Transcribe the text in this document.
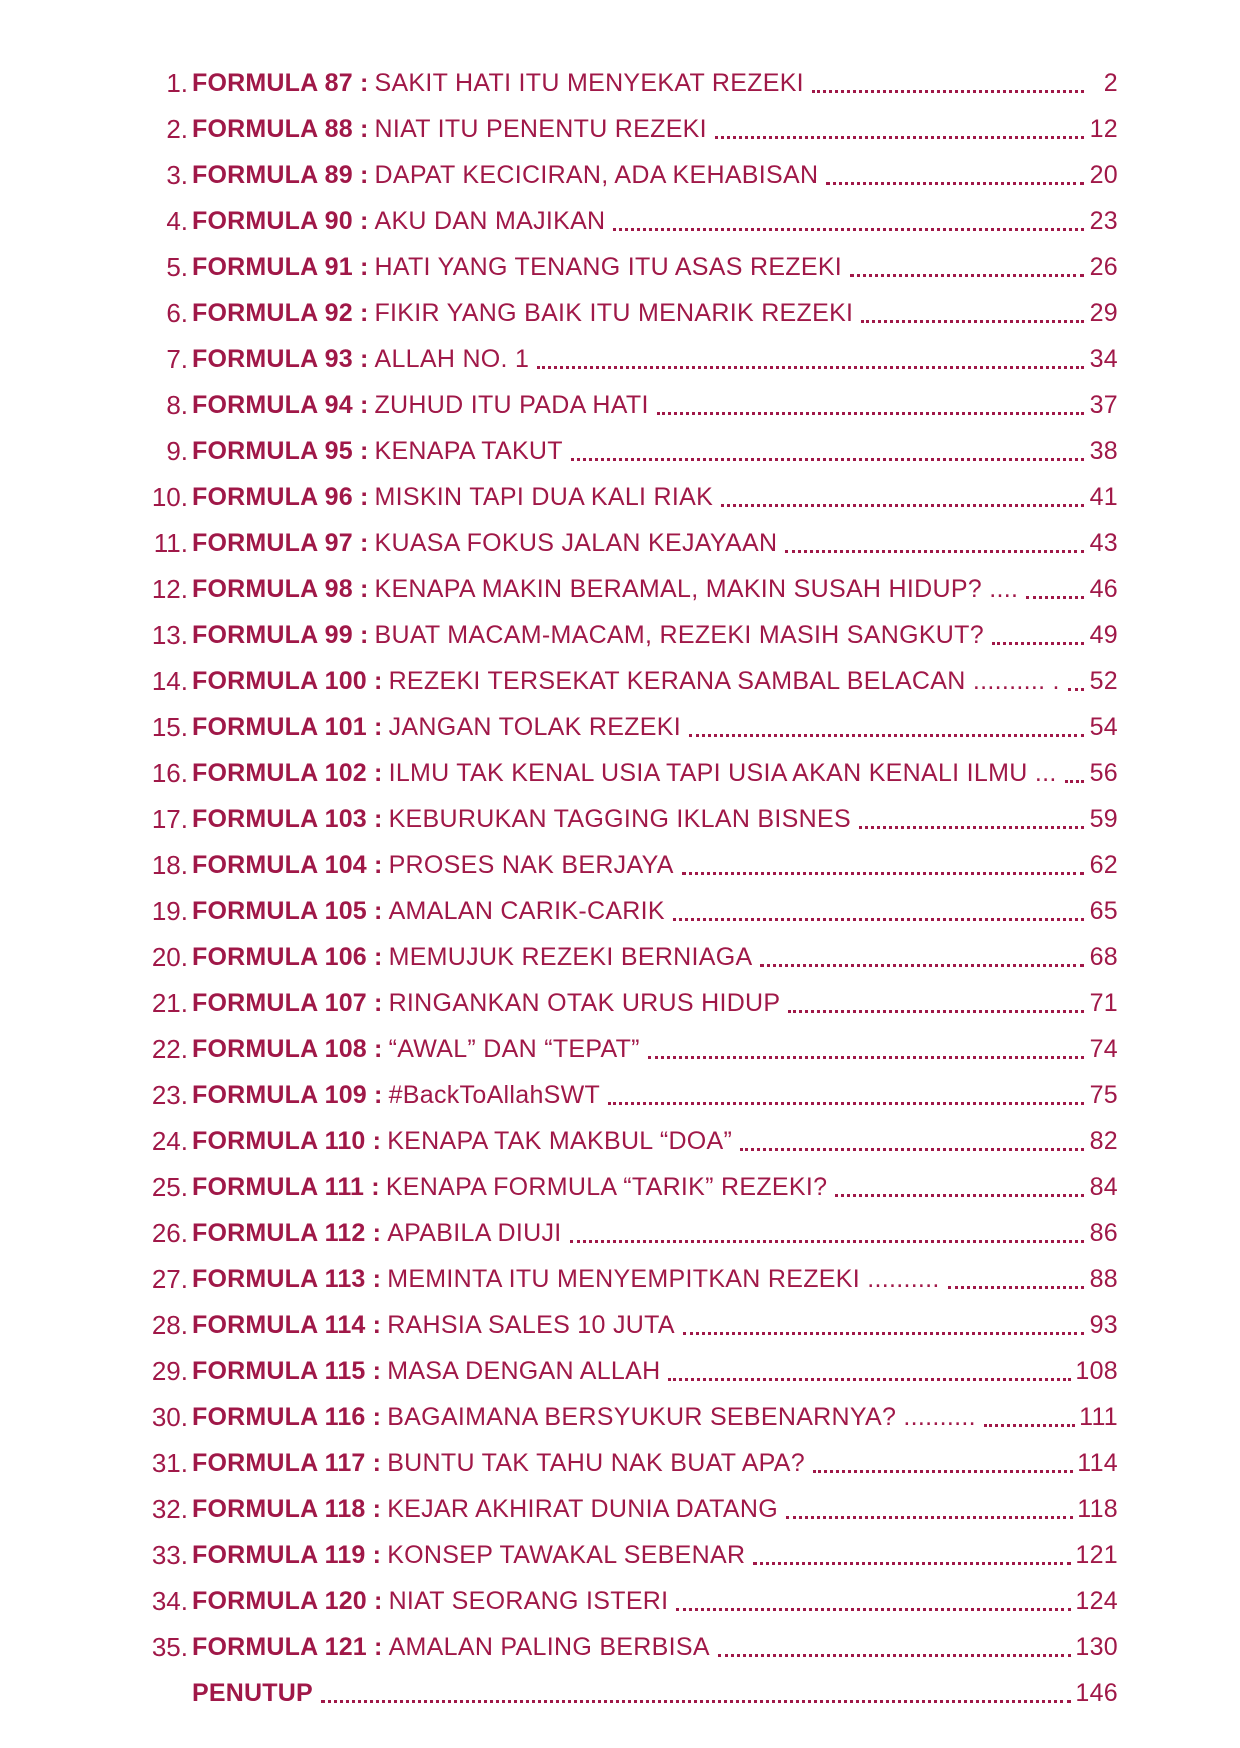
1. FORMULA 87 : SAKIT HATI ITU MENYEKAT REZEKI	2
2. FORMULA 88 : NIAT ITU PENENTU REZEKI	12
3. FORMULA 89 : DAPAT KECICIRAN, ADA KEHABISAN	20
4. FORMULA 90 : AKU DAN MAJIKAN	23
5. FORMULA 91 : HATI YANG TENANG ITU ASAS REZEKI	26
6. FORMULA 92 : FIKIR YANG BAIK ITU MENARIK REZEKI	29
7. FORMULA 93 : ALLAH NO. 1	34
8. FORMULA 94 : ZUHUD ITU PADA HATI	37
9. FORMULA 95 : KENAPA TAKUT	38
10. FORMULA 96 : MISKIN TAPI DUA KALI RIAK	41
11. FORMULA 97 : KUASA FOKUS JALAN KEJAYAAN	43
12. FORMULA 98 : KENAPA MAKIN BERAMAL, MAKIN SUSAH HIDUP? ....	46
13. FORMULA 99 : BUAT MACAM-MACAM, REZEKI MASIH SANGKUT?	49
14. FORMULA 100 : REZEKI TERSEKAT KERANA SAMBAL BELACAN .......... . 52
15. FORMULA 101 : JANGAN TOLAK REZEKI	54
16. FORMULA 102 : ILMU TAK KENAL USIA TAPI USIA AKAN KENALI ILMU ... 56
17. FORMULA 103 : KEBURUKAN TAGGING IKLAN BISNES	59
18. FORMULA 104 : PROSES NAK BERJAYA	62
19. FORMULA 105 : AMALAN CARIK-CARIK	65
20. FORMULA 106 : MEMUJUK REZEKI BERNIAGA	68
21. FORMULA 107 : RINGANKAN OTAK URUS HIDUP	71
22. FORMULA 108 : “AWAL” DAN “TEPAT”	74
23. FORMULA 109 : #BackToAllahSWT	75
24. FORMULA 110 : KENAPA TAK MAKBUL “DOA”	82
25. FORMULA 111 : KENAPA FORMULA “TARIK” REZEKI?	84
26. FORMULA 112 : APABILA DIUJI	86
27. FORMULA 113 : MEMINTA ITU MENYEMPITKAN REZEKI ..........	88
28. FORMULA 114 : RAHSIA SALES 10 JUTA	93
29. FORMULA 115 : MASA DENGAN ALLAH	108
30. FORMULA 116 : BAGAIMANA BERSYUKUR SEBENARNYA? ..........	111
31. FORMULA 117 : BUNTU TAK TAHU NAK BUAT APA?	114
32. FORMULA 118 : KEJAR AKHIRAT DUNIA DATANG	118
33. FORMULA 119 : KONSEP TAWAKAL SEBENAR	121
34. FORMULA 120 : NIAT SEORANG ISTERI	124
35. FORMULA 121 : AMALAN PALING BERBISA	130
PENUTUP	146
